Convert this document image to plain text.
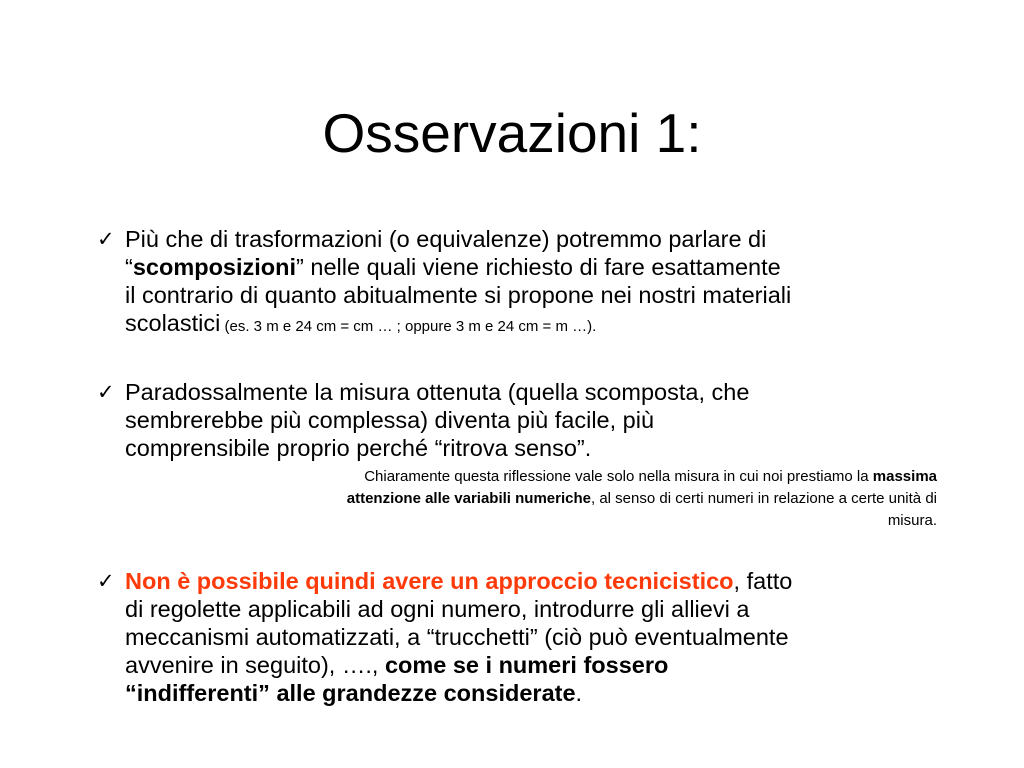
Osservazioni 1:
✓ Più che di trasformazioni (o equivalenze) potremmo parlare di
“scomposizioni” nelle quali viene richiesto di fare esattamente
il contrario di quanto abitualmente si propone nei nostri materiali
scolastici (es. 3 m e 24 cm = cm … ; oppure 3 m e 24 cm = m …).
✓ Paradossalmente la misura ottenuta (quella scomposta, che
sembrerebbe più complessa) diventa più facile, più
comprensibile proprio perché “ritrova senso”.
Chiaramente questa riflessione vale solo nella misura in cui noi prestiamo la massima
attenzione alle variabili numeriche, al senso di certi numeri in relazione a certe unità di
misura.
✓ Non è possibile quindi avere un approccio tecnicistico, fatto
di regolette applicabili ad ogni numero, introdurre gli allievi a
meccanismi automatizzati, a “trucchetti” (ciò può eventualmente
avvenire in seguito), …., come se i numeri fossero
“indifferenti” alle grandezze considerate.
